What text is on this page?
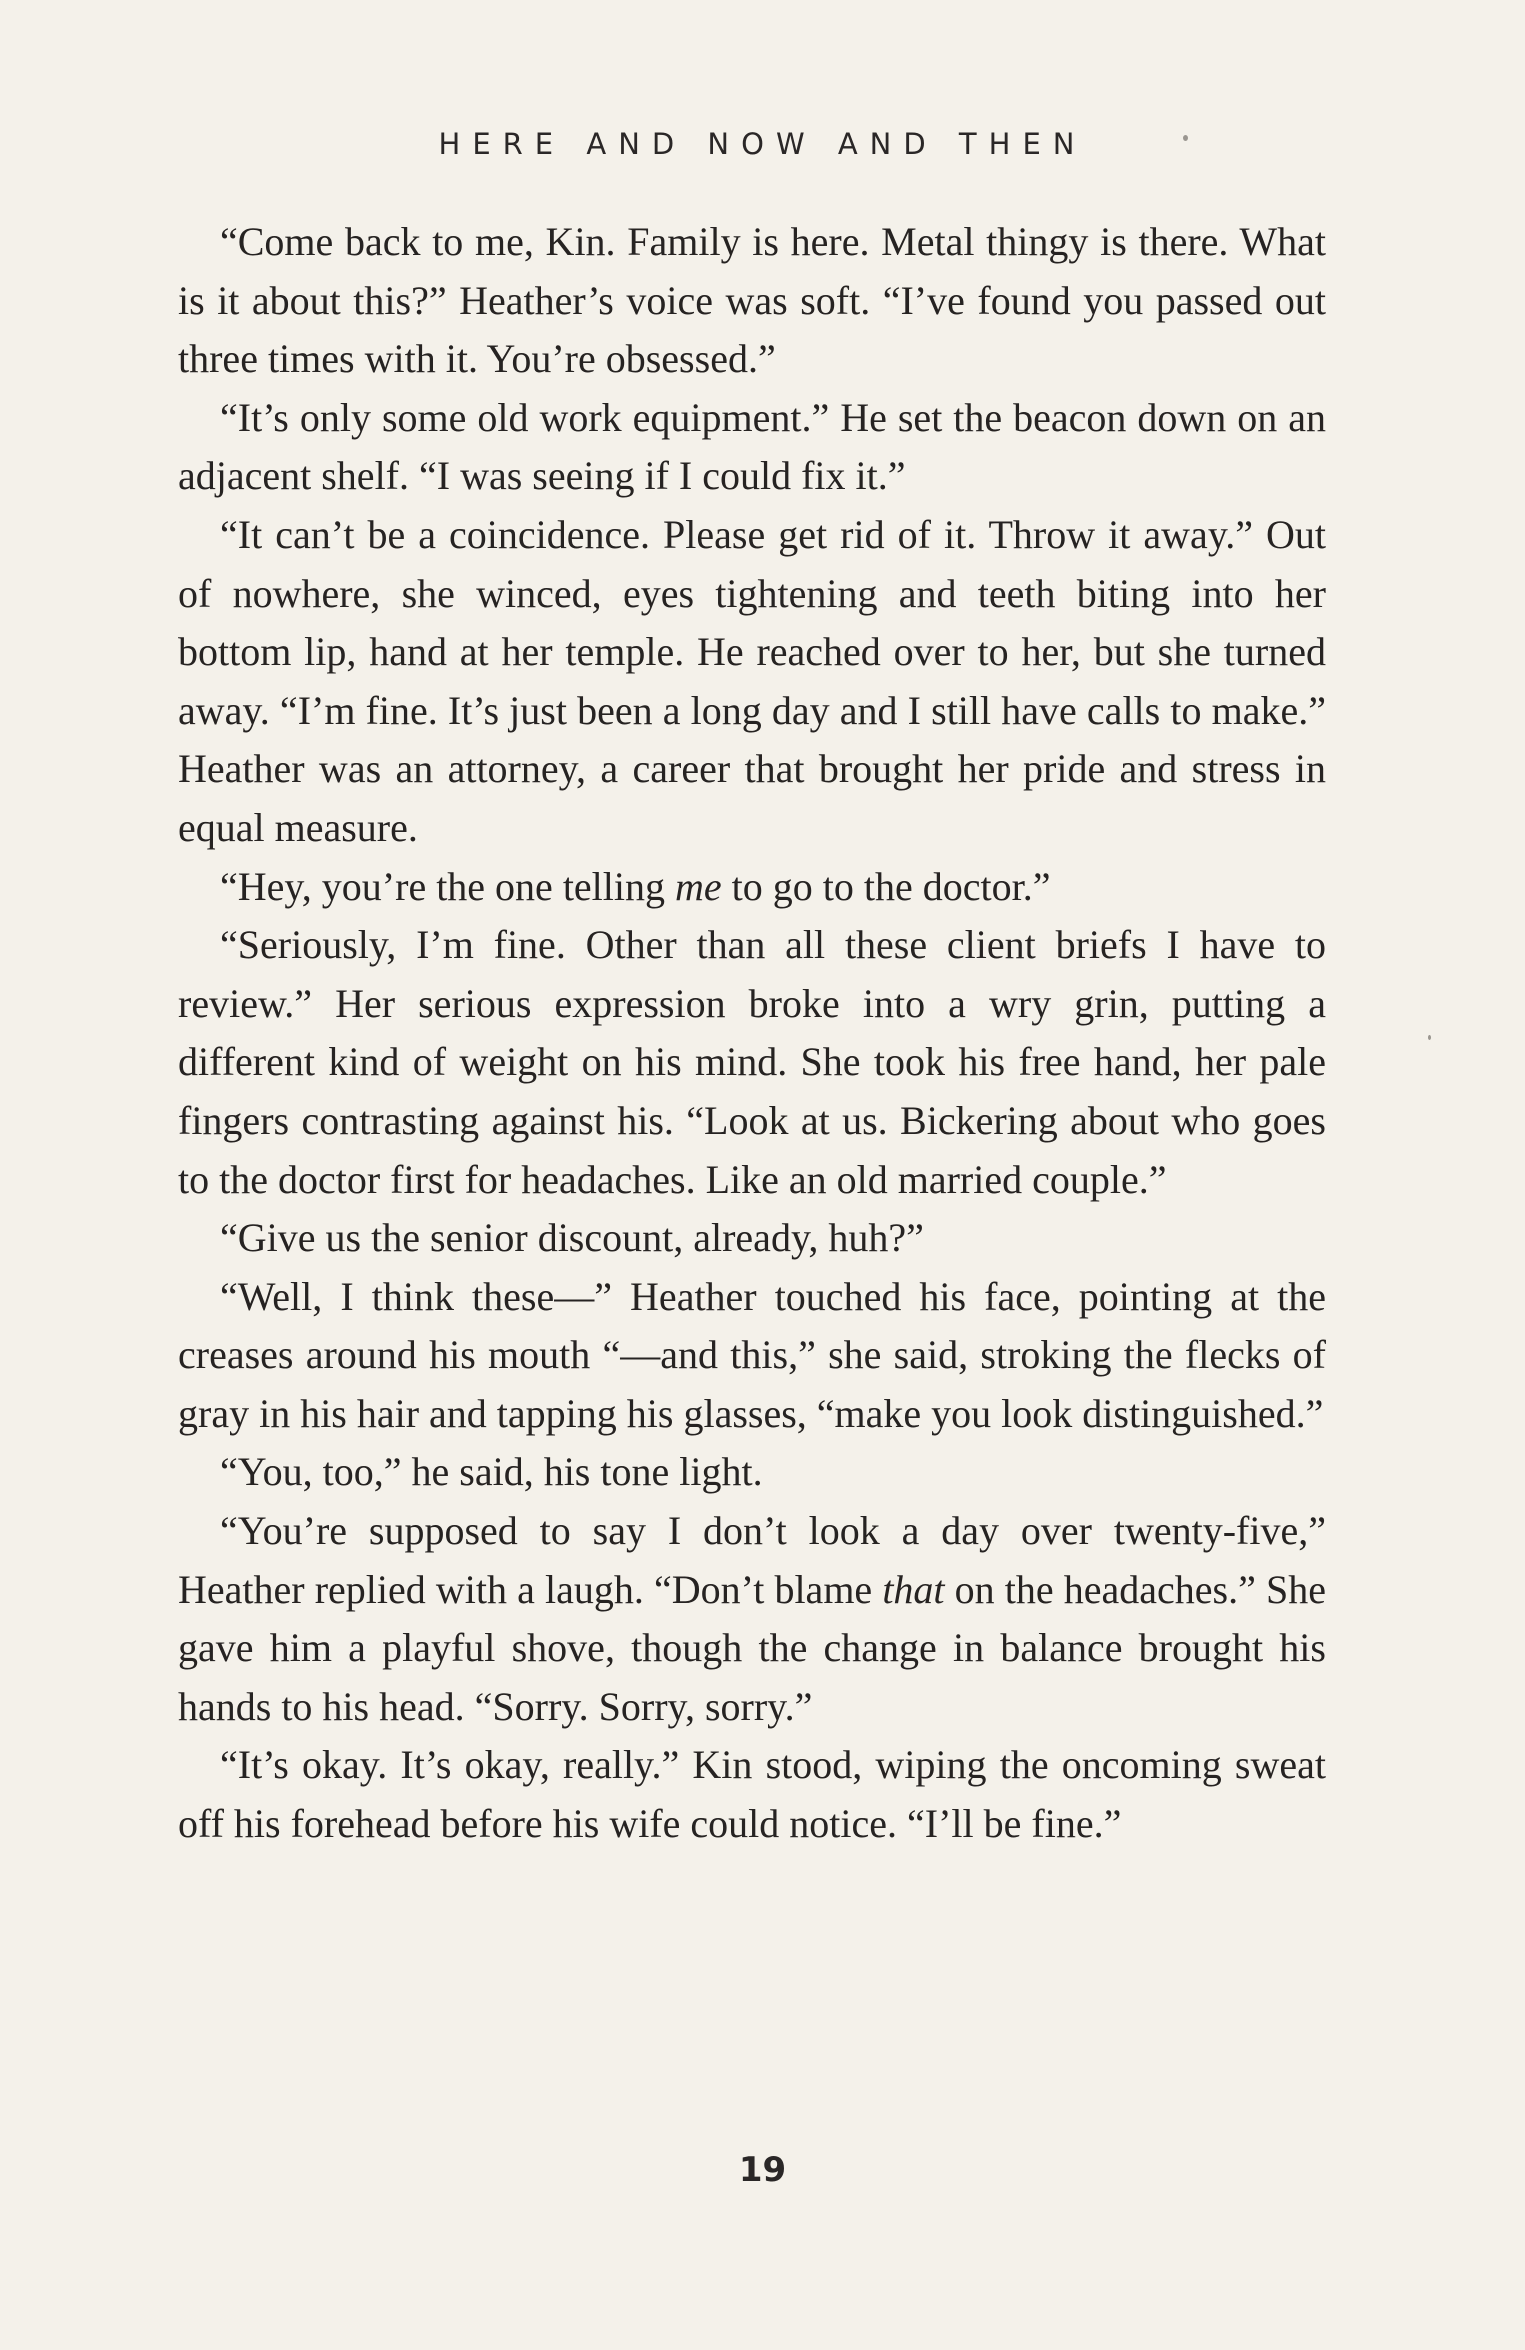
HERE AND NOW AND THEN

“Come back to me, Kin. Family is here. Metal thingy is there. What is it about this?” Heather’s voice was soft. “I’ve found you passed out three times with it. You’re obsessed.”

“It’s only some old work equipment.” He set the beacon down on an adjacent shelf. “I was seeing if I could fix it.”

“It can’t be a coincidence. Please get rid of it. Throw it away.” Out of nowhere, she winced, eyes tightening and teeth biting into her bottom lip, hand at her temple. He reached over to her, but she turned away. “I’m fine. It’s just been a long day and I still have calls to make.” Heather was an attorney, a career that brought her pride and stress in equal measure.

“Hey, you’re the one telling me to go to the doctor.”

“Seriously, I’m fine. Other than all these client briefs I have to review.” Her serious expression broke into a wry grin, putting a different kind of weight on his mind. She took his free hand, her pale fingers contrasting against his. “Look at us. Bickering about who goes to the doctor first for headaches. Like an old married couple.”

“Give us the senior discount, already, huh?”

“Well, I think these—” Heather touched his face, pointing at the creases around his mouth “—and this,” she said, stroking the flecks of gray in his hair and tapping his glasses, “make you look distinguished.”

“You, too,” he said, his tone light.

“You’re supposed to say I don’t look a day over twenty-five,” Heather replied with a laugh. “Don’t blame that on the headaches.” She gave him a playful shove, though the change in balance brought his hands to his head. “Sorry. Sorry, sorry.”

“It’s okay. It’s okay, really.” Kin stood, wiping the oncoming sweat off his forehead before his wife could notice. “I’ll be fine.”

19
